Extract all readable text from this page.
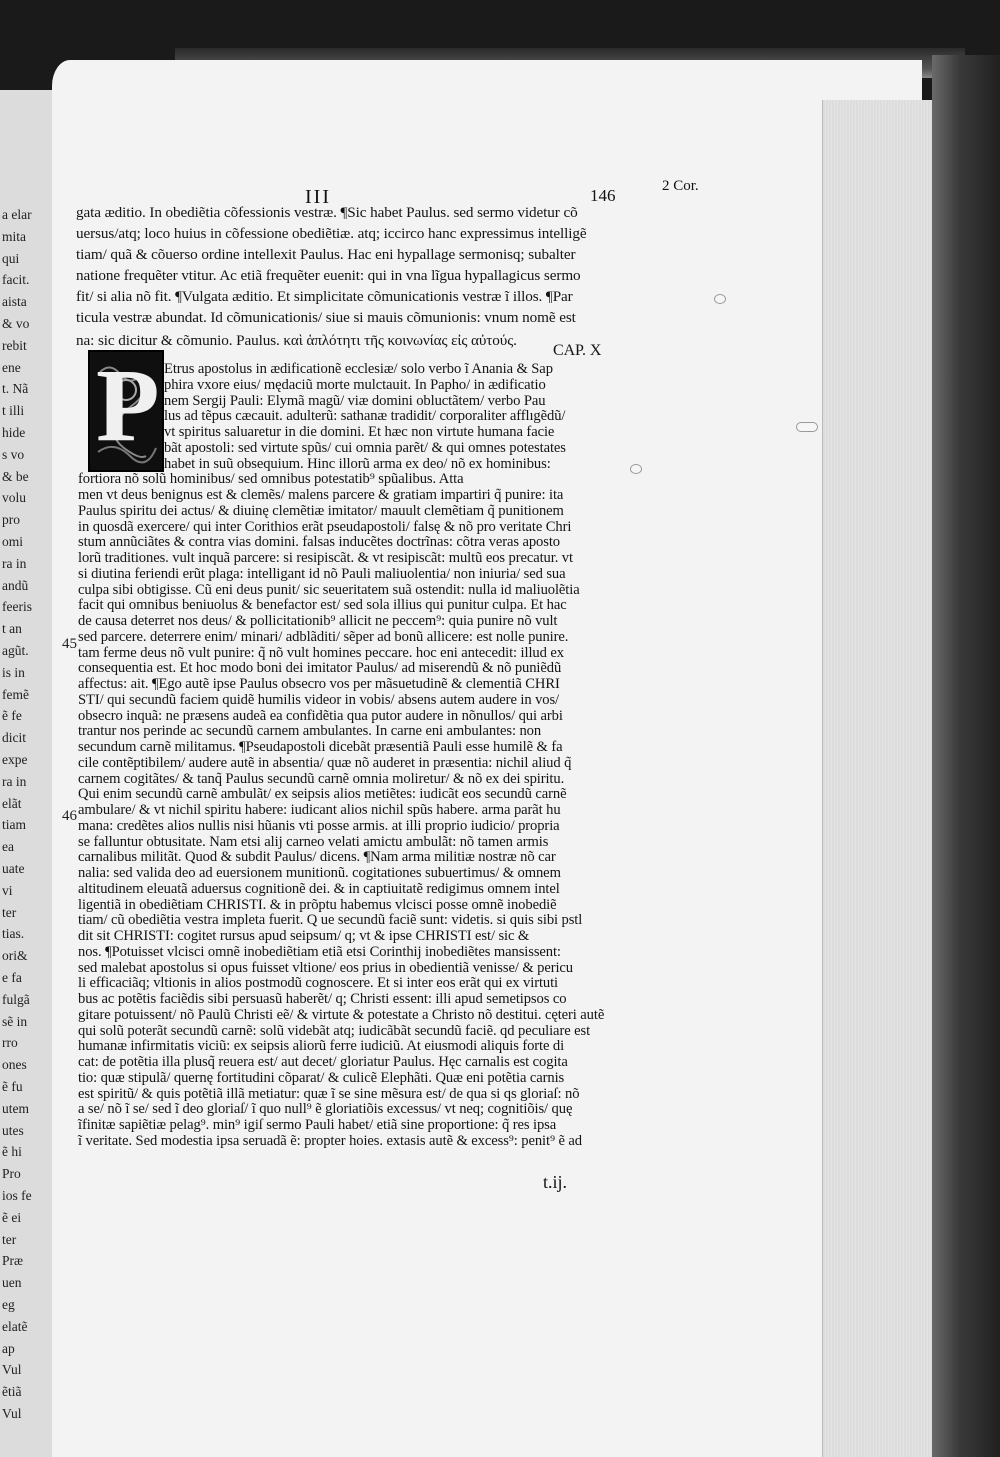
a elar
mita
qui
facit.
aista
& vo
rebit
ene
t. Nã
t illi
hide
s vo
& be
volu
pro
omi
ra in
andũ
feeris
t an
agũt.
is in
femẽ
ẽ fe
dicit
expe
ra in
elãt
tiam
ea
uate
vi
ter
tias.
ori&
e fa
fulgã
sẽ in
rro
ones
ẽ fu
utem
utes
ẽ hi
Pro
ios fe
ẽ ei
ter
Præ
uen
eg
elatẽ
ap
Vul
ẽtiã
Vul
III	146	2 Cor.
gata æditio. In obediẽtia cõfessionis vestræ. ¶Sic habet Paulus. sed sermo videtur cõ
uersus/atq; loco huius in cõfessione obediẽtiæ. atq; iccirco hanc expressimus intelligẽ
tiam/ quã & cõuerso ordine intellexit Paulus. Hac eni hypallage sermonisq; subalter
natione frequẽter vtitur. Ac etiã frequẽter euenit: qui in vna lĩgua hypallagicus sermo
fit/ si alia nõ fit. ¶Vulgata æditio. Et simplicitate cõmunicationis vestræ ĩ illos. ¶Par
ticula vestræ abundat. Id cõmunicationis/ siue si mauis cõmunionis: vnum nomẽ est
na: sic dicitur & cõmunio. Paulus. καὶ ἁπλότητι τῆς κοινωνίας εἰς αὐτούς.
CAP. X
P Etrus apostolus in ædificationẽ ecclesiæ/ solo verbo ĩ Anania & Sap
phira vxore eius/ mędaciũ morte mulctauit. In Papho/ in ædificatio
nem Sergij Pauli: Elymã magũ/ viæ domini obluctãtem/ verbo Pau
lus ad tẽpus cæcauit. adulterũ: sathanæ tradidit/ corporaliter afflıgẽdũ/
vt spiritus saluaretur in die domini. Et hæc non virtute humana facie
bãt apostoli: sed virtute spũs/ cui omnia parẽt/ & qui omnes potestates
habet in suũ obsequium. Hinc illorũ arma ex deo/ nõ ex hominibus:
fortiora nõ solũ hominibus/ sed omnibus potestatib⁹ spũalibus. Atta
men vt deus benignus est & clemẽs/ malens parcere & gratiam impartiri q̃ punire: ita
Paulus spiritu dei actus/ & diuinę clemẽtiæ imitator/ mauult clemẽtiam q̃ punitionem
in quosdã exercere/ qui inter Corithios erãt pseudapostoli/ falsę & nõ pro veritate Chri
stum annũciãtes & contra vias domini. falsas inducẽtes doctrĩnas: cõtra veras aposto
lorũ traditiones. vult inquã parcere: si resipiscãt. & vt resipiscãt: multũ eos precatur. vt
si diutina feriendi erũt plaga: intelligant id nõ Pauli maliuolentia/ non iniuria/ sed sua
culpa sibi obtigisse. Cũ eni deus punit/ sic seueritatem suã ostendit: nulla id maliuolẽtia
facit qui omnibus beniuolus & benefactor est/ sed sola illius qui punitur culpa. Et hac
de causa deterret nos deus/ & pollicitationib⁹ allicit ne peccem⁹: quia punire nõ vult
sed parcere. deterrere enim/ minari/ adblãditi/ sẽper ad bonũ allicere: est nolle punire.
tam ferme deus nõ vult punire: q̃ nõ vult homines peccare. hoc eni antecedit: illud ex
consequentia est. Et hoc modo boni dei imitator Paulus/ ad miserendũ & nõ puniẽdũ
affectus: ait. ¶Ego autẽ ipse Paulus obsecro vos per mãsuetudinẽ & clementiã CHRI
STI/ qui secundũ faciem quidẽ humilis videor in vobis/ absens autem audere in vos/
obsecro inquã: ne præsens audeã ea confidẽtia qua putor audere in nõnullos/ qui arbi
trantur nos perinde ac secundũ carnem ambulantes. In carne eni ambulantes: non
secundum carnẽ militamus. ¶Pseudapostoli dicebãt præsentiã Pauli esse humilẽ & fa
cile contẽptibilem/ audere autẽ in absentia/ quæ nõ auderet in præsentia: nichil aliud q̃
carnem cogitãtes/ & tanq̃ Paulus secundũ carnẽ omnia moliretur/ & nõ ex dei spiritu.
Qui enim secundũ carnẽ ambulãt/ ex seipsis alios metiẽtes: iudicãt eos secundũ carnẽ
ambulare/ & vt nichil spiritu habere: iudicant alios nichil spũs habere. arma parãt hu
mana: credẽtes alios nullis nisi hũanis vti posse armis. at illi proprio iudicio/ propria
se falluntur obtusitate. Nam etsi alij carneo velati amictu ambulãt: nõ tamen armis
carnalibus militãt. Quod & subdit Paulus/ dicens. ¶Nam arma militiæ nostræ nõ car
nalia: sed valida deo ad euersionem munitionũ. cogitationes subuertimus/ & omnem
altitudinem eleuatã aduersus cognitionẽ dei. & in captiuitatẽ redigimus omnem intel
ligentiã in obediẽtiam CHRISTI. & in prõptu habemus vlcisci posse omnẽ inobediẽ
tiam/ cũ obediẽtia vestra impleta fuerit. Q ue secundũ faciẽ sunt: videtis. si quis sibi pstl
dit sit CHRISTI: cogitet rursus apud seipsum/ q; vt & ipse CHRISTI est/ sic &
nos. ¶Potuisset vlcisci omnẽ inobediẽtiam etiã etsi Corinthij inobediẽtes mansissent:
sed malebat apostolus si opus fuisset vltione/ eos prius in obedientiã venisse/ & pericu
li efficaciãq; vltionis in alios postmodũ cognoscere. Et si inter eos erãt qui ex virtuti
bus ac potẽtis faciẽdis sibi persuasũ haberẽt/ q; Christi essent: illi apud semetipsos co
gitare potuissent/ nõ Paulũ Christi eẽ/ & virtute & potestate a Christo nõ destitui. cęteri autẽ
qui solũ poterãt secundũ carnẽ: solũ videbãt atq; iudicãbãt secundũ faciẽ. qd peculiare est
humanæ infirmitatis viciũ: ex seipsis aliorũ ferre iudiciũ. At eiusmodi aliquis forte di
cat: de potẽtia illa plusq̃ reuera est/ aut decet/ gloriatur Paulus. Hęc carnalis est cogita
tio: quæ stipulã/ quernę fortitudini cõparat/ & culicẽ Elephãti. Quæ eni potẽtia carnis
est spiritũ/ & quis potẽtiã illã metiatur: quæ ĩ se sine mẽsura est/ de qua si qs gloriaſ: nõ
a se/ nõ ĩ se/ sed ĩ deo gloriaſ/ ĩ quo null⁹ ẽ gloriatiõis excessus/ vt neq; cognitiõis/ quę
ĩfinitæ sapiẽtiæ pelag⁹. min⁹ igiſ sermo Pauli habet/ etiã sine proportione: q̃ res ipsa
ĩ veritate. Sed modestia ipsa seruadã ẽ: propter hoies. extasis autẽ & excess⁹: penit⁹ ẽ ad
45
46
t.ij.
